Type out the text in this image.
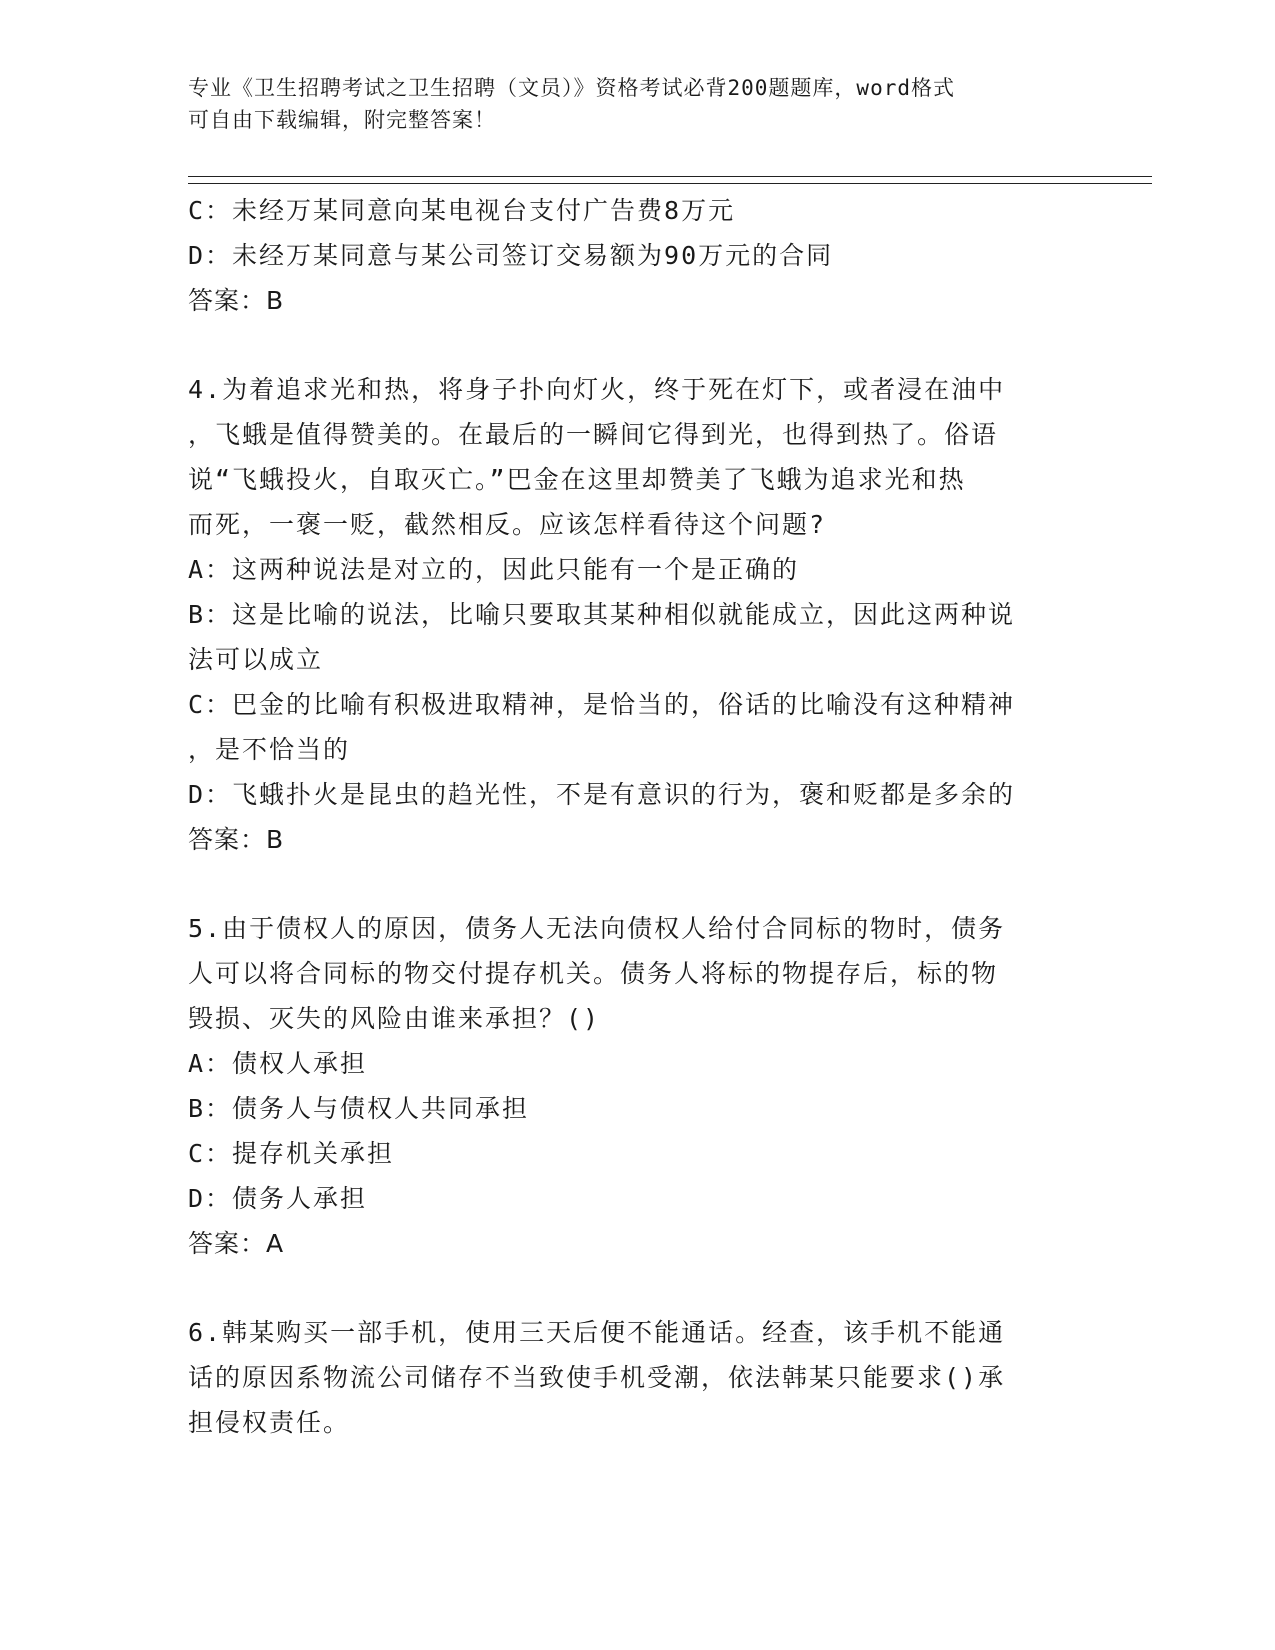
专业《卫生招聘考试之卫生招聘（文员）》资格考试必背200题题库，word格式
可自由下载编辑，附完整答案！
C：未经万某同意向某电视台支付广告费8万元
D：未经万某同意与某公司签订交易额为90万元的合同
答案：B
4.为着追求光和热，将身子扑向灯火，终于死在灯下，或者浸在油中
，飞蛾是值得赞美的。在最后的一瞬间它得到光，也得到热了。俗语
说“飞蛾投火，自取灭亡。”巴金在这里却赞美了飞蛾为追求光和热
而死，一褒一贬，截然相反。应该怎样看待这个问题?
A：这两种说法是对立的，因此只能有一个是正确的
B：这是比喻的说法，比喻只要取其某种相似就能成立，因此这两种说
法可以成立
C：巴金的比喻有积极进取精神，是恰当的，俗话的比喻没有这种精神
，是不恰当的
D：飞蛾扑火是昆虫的趋光性，不是有意识的行为，褒和贬都是多余的
答案：B
5.由于债权人的原因，债务人无法向债权人给付合同标的物时，债务
人可以将合同标的物交付提存机关。债务人将标的物提存后，标的物
毁损、灭失的风险由谁来承担？()
A：债权人承担
B：债务人与债权人共同承担
C：提存机关承担
D：债务人承担
答案：A
6.韩某购买一部手机，使用三天后便不能通话。经查，该手机不能通
话的原因系物流公司储存不当致使手机受潮，依法韩某只能要求()承
担侵权责任。
